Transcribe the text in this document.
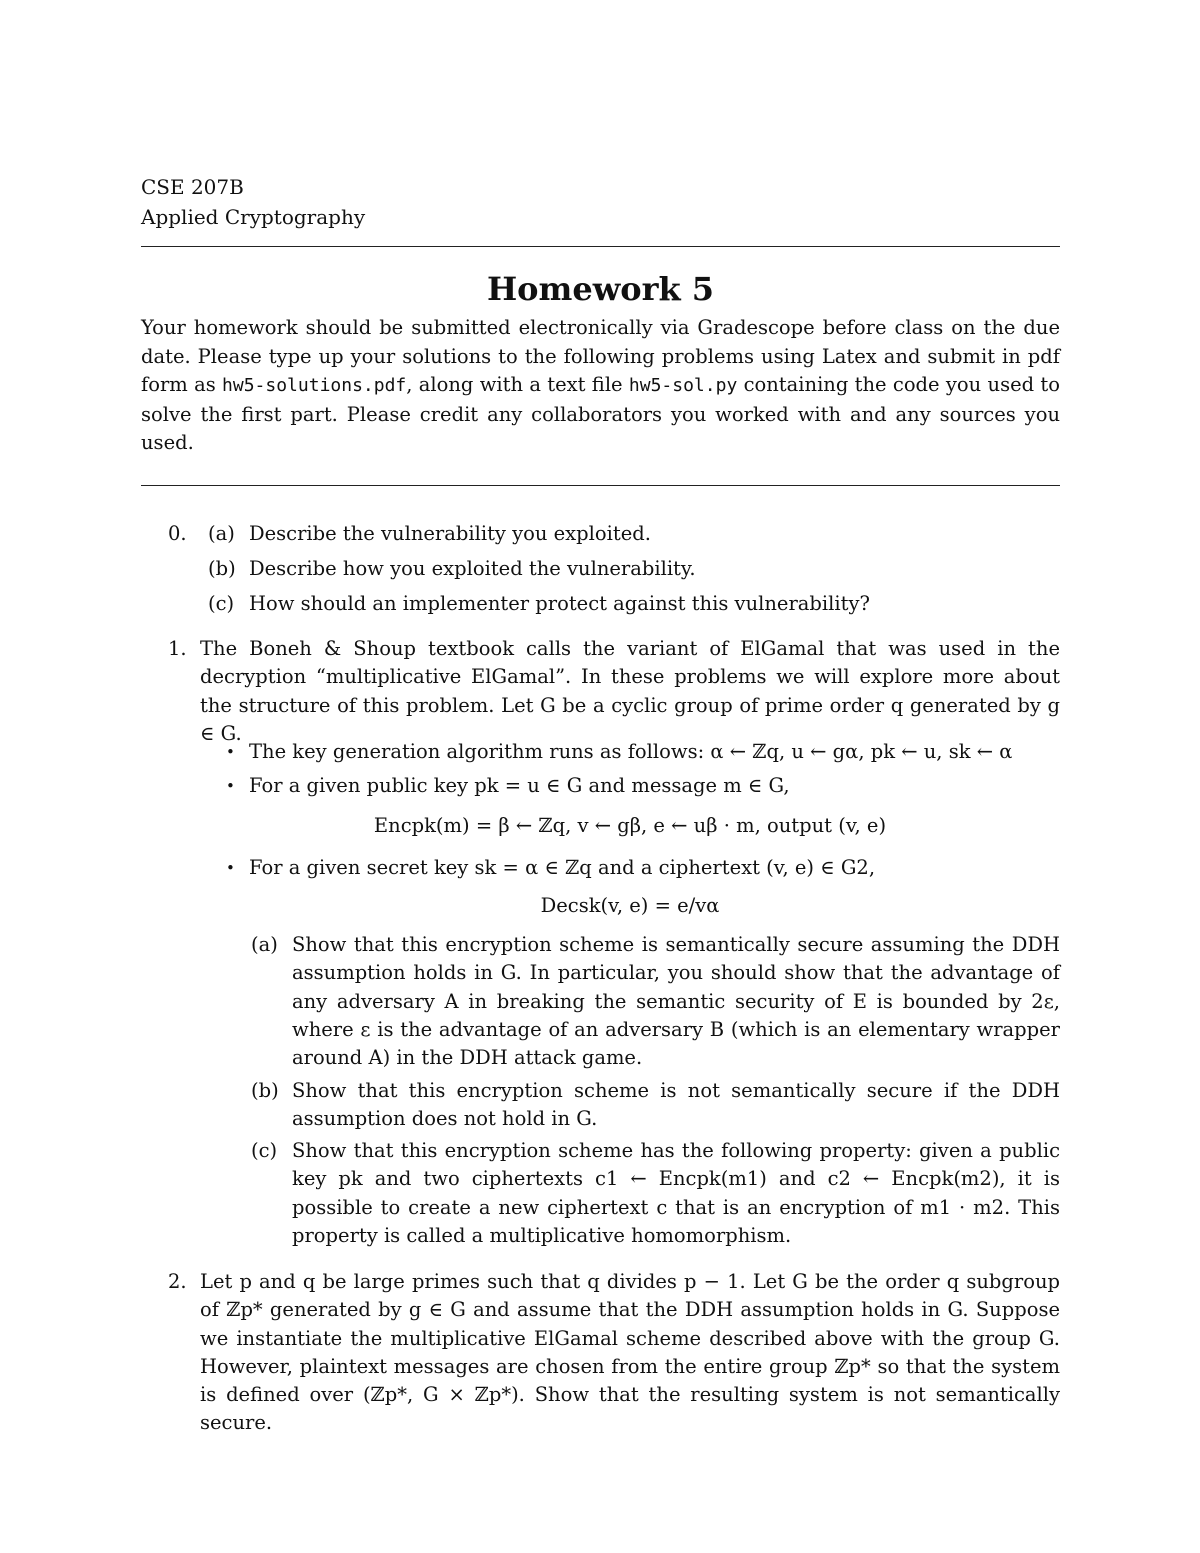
CSE 207B
Applied Cryptography
Homework 5
Your homework should be submitted electronically via Gradescope before class on the due date. Please type up your solutions to the following problems using Latex and submit in pdf form as hw5-solutions.pdf, along with a text file hw5-sol.py containing the code you used to solve the first part. Please credit any collaborators you worked with and any sources you used.
0. (a) Describe the vulnerability you exploited.
(b) Describe how you exploited the vulnerability.
(c) How should an implementer protect against this vulnerability?
1. The Boneh & Shoup textbook calls the variant of ElGamal that was used in the decryption “multiplicative ElGamal”. In these problems we will explore more about the structure of this problem. Let G be a cyclic group of prime order q generated by g ∈ G.
• The key generation algorithm runs as follows: α ← ℤq, u ← gα, pk ← u, sk ← α
• For a given public key pk = u ∈ G and message m ∈ G,
Encpk(m) = β ← ℤq, v ← gβ, e ← uβ · m, output (v, e)
• For a given secret key sk = α ∈ ℤq and a ciphertext (v, e) ∈ G2,
Decsk(v, e) = e/vα
(a) Show that this encryption scheme is semantically secure assuming the DDH assumption holds in G. In particular, you should show that the advantage of any adversary A in breaking the semantic security of E is bounded by 2ε, where ε is the advantage of an adversary B (which is an elementary wrapper around A) in the DDH attack game.
(b) Show that this encryption scheme is not semantically secure if the DDH assumption does not hold in G.
(c) Show that this encryption scheme has the following property: given a public key pk and two ciphertexts c1 ← Encpk(m1) and c2 ← Encpk(m2), it is possible to create a new ciphertext c that is an encryption of m1 · m2. This property is called a multiplicative homomorphism.
2. Let p and q be large primes such that q divides p − 1. Let G be the order q subgroup of ℤp* generated by g ∈ G and assume that the DDH assumption holds in G. Suppose we instantiate the multiplicative ElGamal scheme described above with the group G. However, plaintext messages are chosen from the entire group ℤp* so that the system is defined over (ℤp*, G × ℤp*). Show that the resulting system is not semantically secure.
